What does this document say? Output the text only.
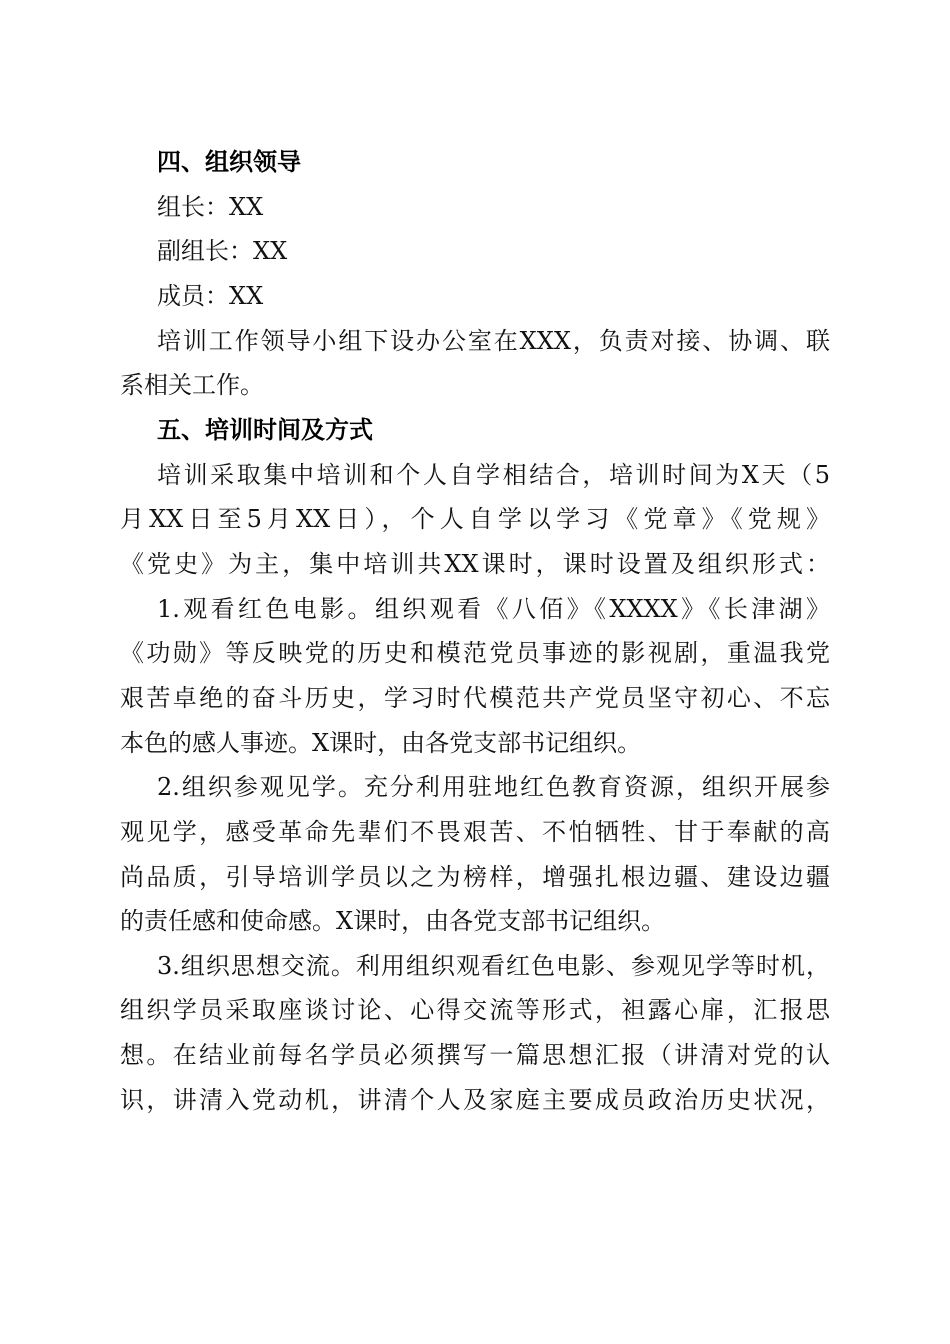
四、组织领导
组长：XX
副组长：XX
成员：XX
培训工作领导小组下设办公室在XXX，负责对接、协调、联
系相关工作。
五、培训时间及方式
培训采取集中培训和个人自学相结合，培训时间为X天（5
月XX日至5月XX日），个人自学以学习《党章》《党规》
《党史》为主，集中培训共XX课时，课时设置及组织形式：
1.观看红色电影。组织观看《八佰》《XXXX》《长津湖》
《功勋》等反映党的历史和模范党员事迹的影视剧，重温我党
艰苦卓绝的奋斗历史，学习时代模范共产党员坚守初心、不忘
本色的感人事迹。X课时，由各党支部书记组织。
2.组织参观见学。充分利用驻地红色教育资源，组织开展参
观见学，感受革命先辈们不畏艰苦、不怕牺牲、甘于奉献的高
尚品质，引导培训学员以之为榜样，增强扎根边疆、建设边疆
的责任感和使命感。X课时，由各党支部书记组织。
3.组织思想交流。利用组织观看红色电影、参观见学等时机，
组织学员采取座谈讨论、心得交流等形式，袒露心扉，汇报思
想。在结业前每名学员必须撰写一篇思想汇报（讲清对党的认
识，讲清入党动机，讲清个人及家庭主要成员政治历史状况，
